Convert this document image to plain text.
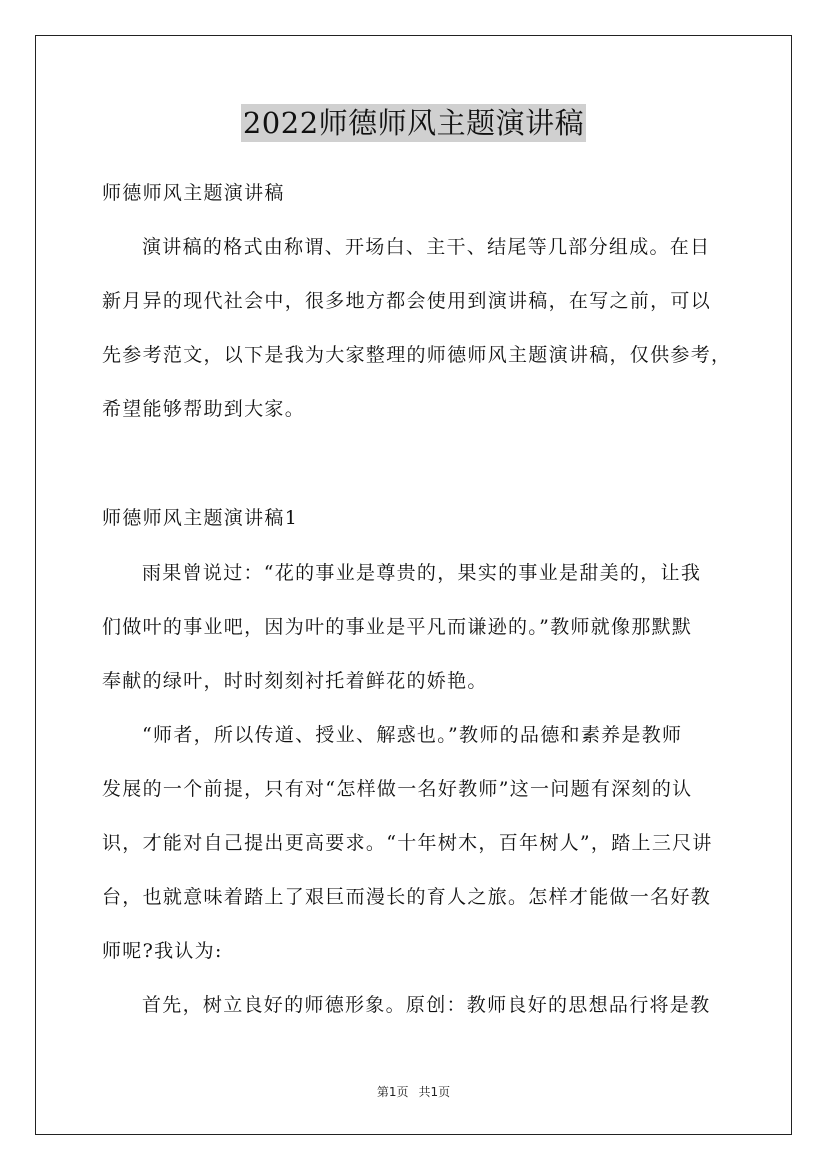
2022师德师风主题演讲稿

师德师风主题演讲稿

演讲稿的格式由称谓、开场白、主干、结尾等几部分组成。在日
新月异的现代社会中，很多地方都会使用到演讲稿，在写之前，可以
先参考范文，以下是我为大家整理的师德师风主题演讲稿，仅供参考，
希望能够帮助到大家。

师德师风主题演讲稿1

雨果曾说过：“花的事业是尊贵的，果实的事业是甜美的，让我
们做叶的事业吧，因为叶的事业是平凡而谦逊的。”教师就像那默默
奉献的绿叶，时时刻刻衬托着鲜花的娇艳。

“师者，所以传道、授业、解惑也。”教师的品德和素养是教师
发展的一个前提，只有对“怎样做一名好教师”这一问题有深刻的认
识，才能对自己提出更高要求。“十年树木，百年树人”，踏上三尺讲
台，也就意味着踏上了艰巨而漫长的育人之旅。怎样才能做一名好教
师呢?我认为:

首先，树立良好的师德形象。原创：教师良好的思想品行将是教

第1页 共1页
